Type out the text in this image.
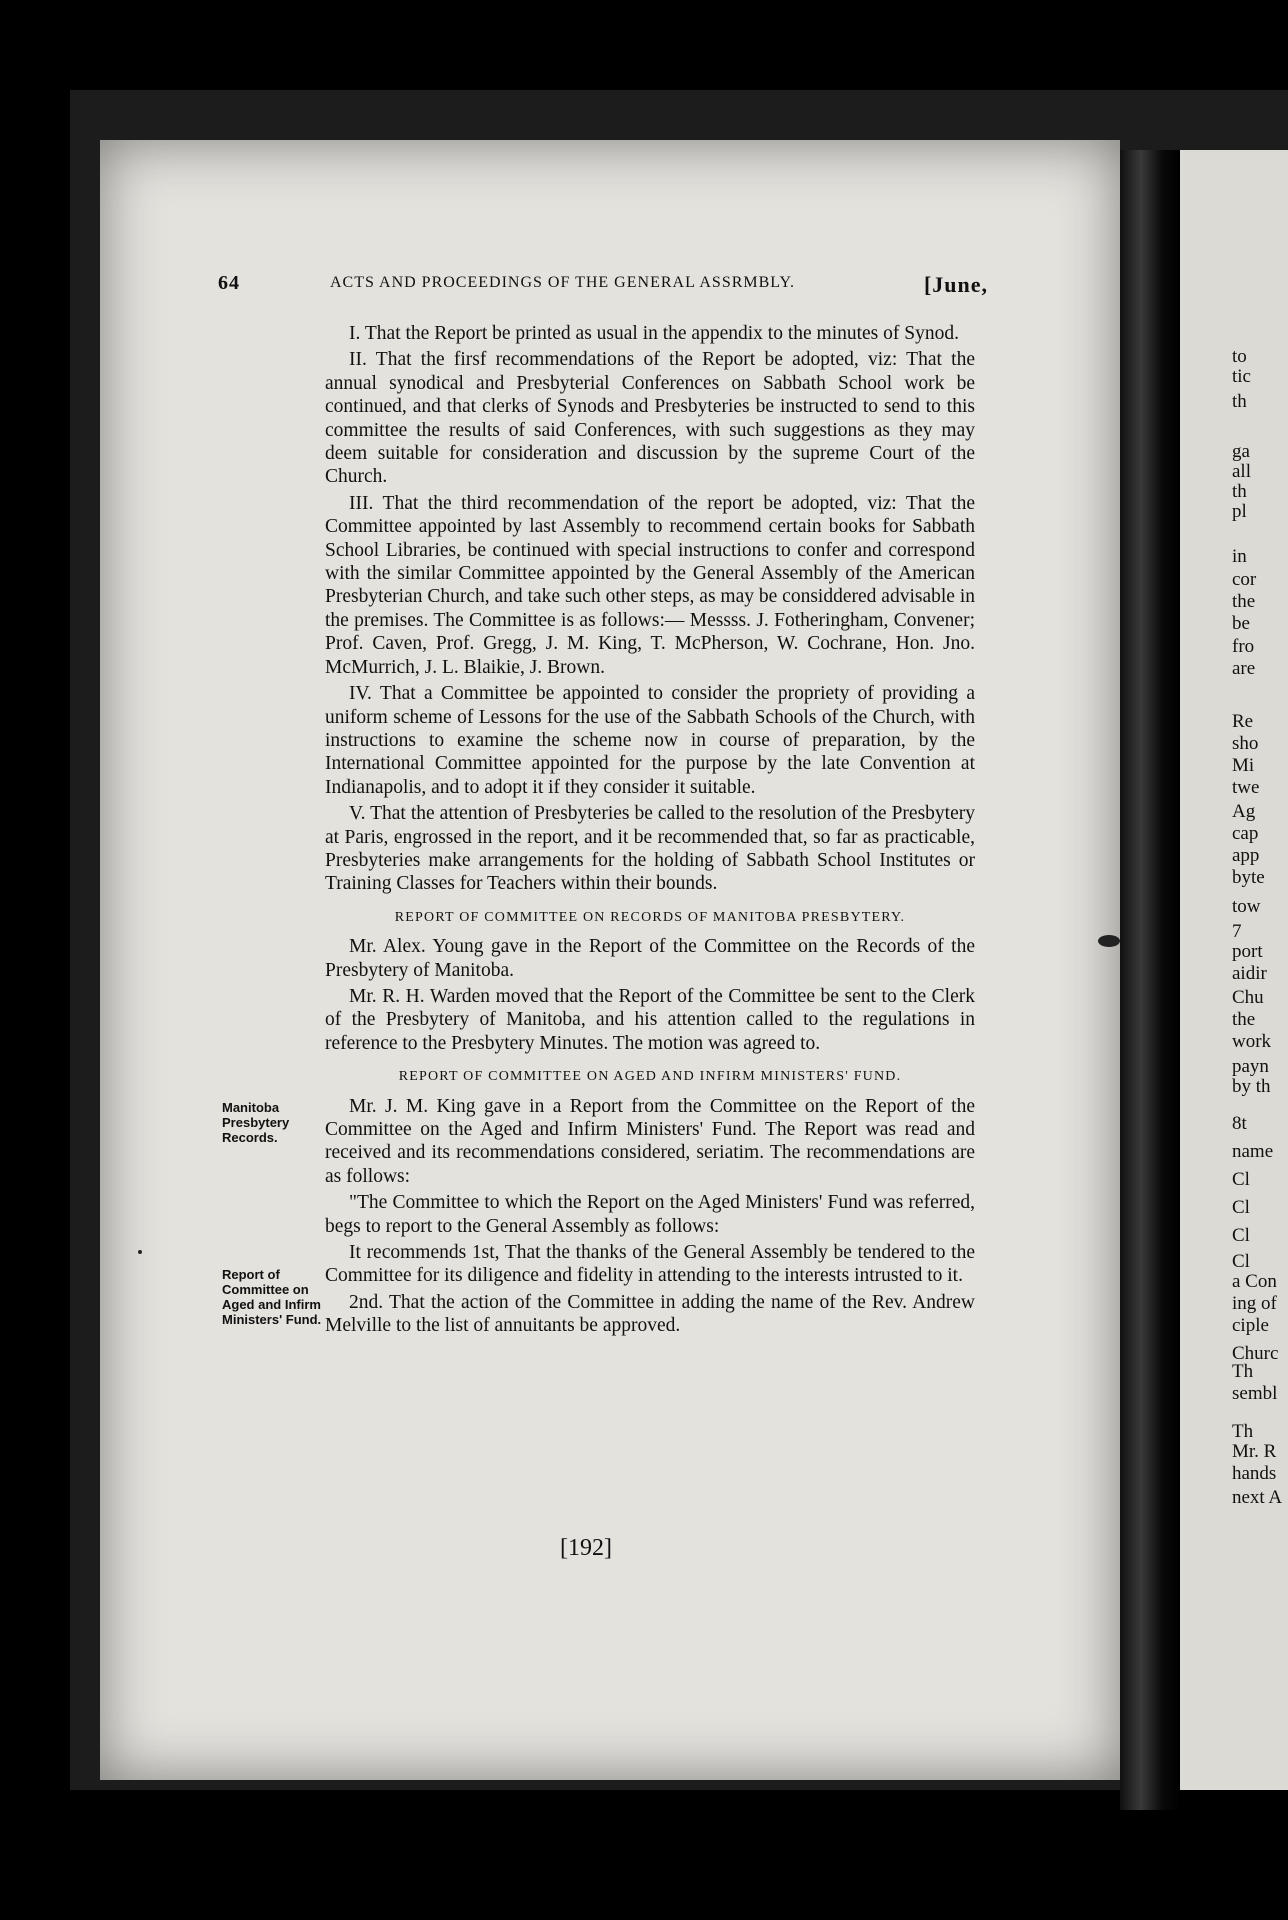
to
tic
th
ga
all
th
pl
in
cor
the
be
fro
are
Re
sho
Mi
twe
Ag
cap
app
byte
tow
7
port
aidir
Chu
the
work
payn
by th
8t
name
Cl
Cl
Cl
Cl
a Con
ing of
ciple
Churc
Th
sembl
Th
Mr. R
hands
next A
64	ACTS AND PROCEEDINGS OF THE GENERAL ASSRMBLY.	[June,

I. That the Report be printed as usual in the appendix to the minutes of Synod.

II. That the firsf recommendations of the Report be adopted, viz: That the annual synodical and Presbyterial Conferences on Sabbath School work be continued, and that clerks of Synods and Presbyteries be instructed to send to this committee the results of said Conferences, with such suggestions as they may deem suitable for consideration and discussion by the supreme Court of the Church.

III. That the third recommendation of the report be adopted, viz: That the Committee appointed by last Assembly to recommend certain books for Sabbath School Libraries, be continued with special instructions to confer and correspond with the similar Committee appointed by the General Assembly of the American Presbyterian Church, and take such other steps, as may be considdered advisable in the premises. The Committee is as follows:— Messss. J. Fotheringham, Convener; Prof. Caven, Prof. Gregg, J. M. King, T. McPherson, W. Cochrane, Hon. Jno. McMurrich, J. L. Blaikie, J. Brown.

IV. That a Committee be appointed to consider the propriety of providing a uniform scheme of Lessons for the use of the Sabbath Schools of the Church, with instructions to examine the scheme now in course of preparation, by the International Committee appointed for the purpose by the late Convention at Indianapolis, and to adopt it if they consider it suitable.

V. That the attention of Presbyteries be called to the resolution of the Presbytery at Paris, engrossed in the report, and it be recommended that, so far as practicable, Presbyteries make arrangements for the holding of Sabbath School Institutes or Training Classes for Teachers within their bounds.

REPORT OF COMMITTEE ON RECORDS OF MANITOBA PRESBYTERY.

Mr. Alex. Young gave in the Report of the Committee on the Records of the Presbytery of Manitoba.

Mr. R. H. Warden moved that the Report of the Committee be sent to the Clerk of the Presbytery of Manitoba, and his attention called to the regulations in reference to the Presbytery Minutes. The motion was agreed to.

REPORT OF COMMITTEE ON AGED AND INFIRM MINISTERS' FUND.

Mr. J. M. King gave in a Report from the Committee on the Report of the Committee on the Aged and Infirm Ministers' Fund. The Report was read and received and its recommendations considered, seriatim. The recommendations are as follows:

"The Committee to which the Report on the Aged Ministers' Fund was referred, begs to report to the General Assembly as follows:

It recommends 1st, That the thanks of the General Assembly be tendered to the Committee for its diligence and fidelity in attending to the interests intrusted to it.

2nd. That the action of the Committee in adding the name of the Rev. Andrew Melville to the list of annuitants be approved.

Manitoba Presbytery Records.
Report of Committee on Aged and Infirm Ministers' Fund.
[192]
